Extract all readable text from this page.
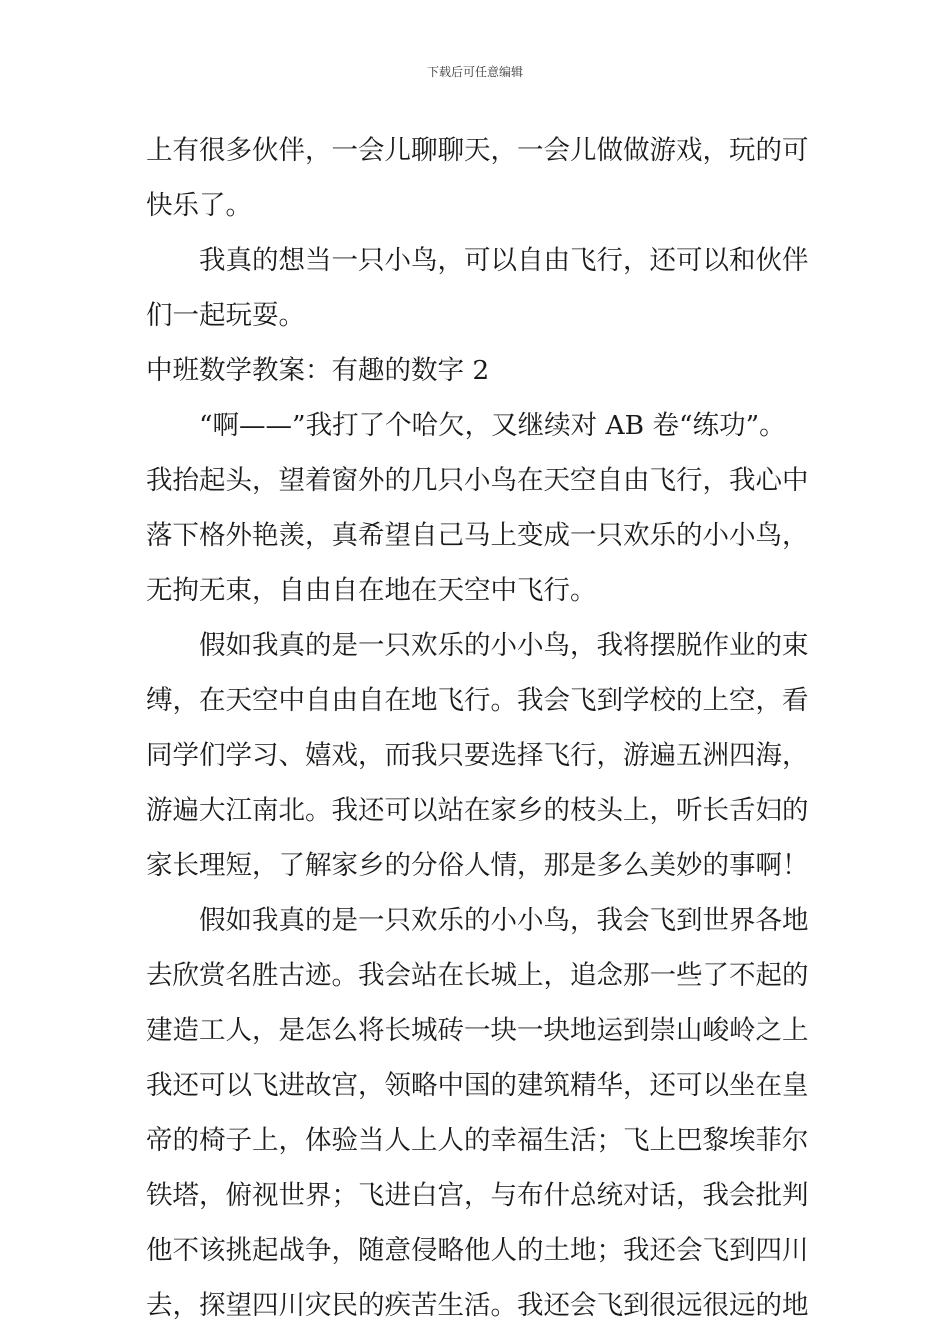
下载后可任意编辑
上有很多伙伴，一会儿聊聊天，一会儿做做游戏，玩的可
快乐了。
我真的想当一只小鸟，可以自由飞行，还可以和伙伴
们一起玩耍。
中班数学教案：有趣的数字 2
“啊——”我打了个哈欠，又继续对 AB 卷“练功”。
我抬起头，望着窗外的几只小鸟在天空自由飞行，我心中
落下格外艳羡，真希望自己马上变成一只欢乐的小小鸟，
无拘无束，自由自在地在天空中飞行。
假如我真的是一只欢乐的小小鸟，我将摆脱作业的束
缚，在天空中自由自在地飞行。我会飞到学校的上空，看
同学们学习、嬉戏，而我只要选择飞行，游遍五洲四海，
游遍大江南北。我还可以站在家乡的枝头上，听长舌妇的
家长理短，了解家乡的分俗人情，那是多么美妙的事啊！
假如我真的是一只欢乐的小小鸟，我会飞到世界各地
去欣赏名胜古迹。我会站在长城上，追念那一些了不起的
建造工人，是怎么将长城砖一块一块地运到崇山峻岭之上
我还可以飞进故宫，领略中国的建筑精华，还可以坐在皇
帝的椅子上，体验当人上人的幸福生活；飞上巴黎埃菲尔
铁塔，俯视世界；飞进白宫，与布什总统对话，我会批判
他不该挑起战争，随意侵略他人的土地；我还会飞到四川
去，探望四川灾民的疾苦生活。我还会飞到很远很远的地
